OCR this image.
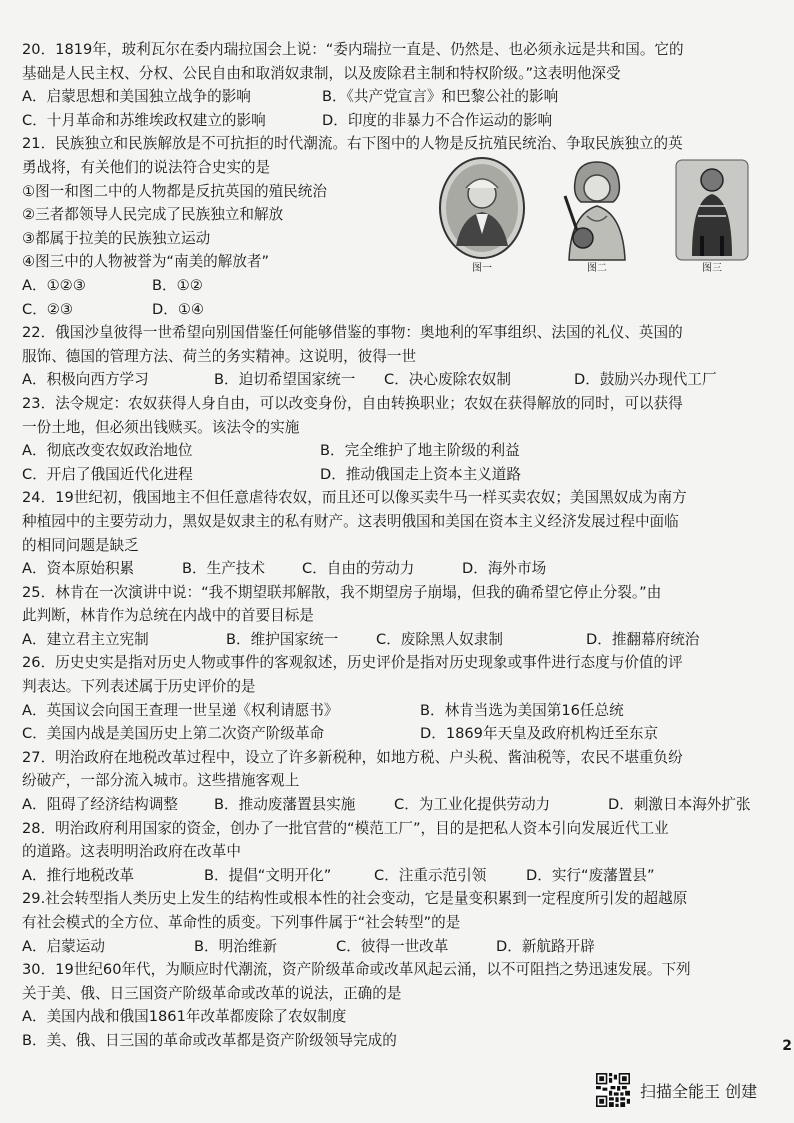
20．1819年，玻利瓦尔在委内瑞拉国会上说：“委内瑞拉一直是、仍然是、也必须永远是共和国。它的
基础是人民主权、分权、公民自由和取消奴隶制，以及废除君主制和特权阶级。”这表明他深受
A．启蒙思想和美国独立战争的影响	B．《共产党宣言》和巴黎公社的影响
C．十月革命和苏维埃政权建立的影响	D．印度的非暴力不合作运动的影响
21．民族独立和民族解放是不可抗拒的时代潮流。右下图中的人物是反抗殖民统治、争取民族独立的英
勇战将，有关他们的说法符合史实的是
①图一和图二中的人物都是反抗英国的殖民统治
②三者都领导人民完成了民族独立和解放
③都属于拉美的民族独立运动
④图三中的人物被誉为“南美的解放者”	图一	图二	图三
A．①②③	B．①②
C．②③	D．①④
22．俄国沙皇彼得一世希望向别国借鉴任何能够借鉴的事物：奥地利的军事组织、法国的礼仪、英国的
服饰、德国的管理方法、荷兰的务实精神。这说明，彼得一世
A．积极向西方学习	B．迫切希望国家统一	C．决心废除农奴制	D．鼓励兴办现代工厂
23．法令规定：农奴获得人身自由，可以改变身份，自由转换职业；农奴在获得解放的同时，可以获得
一份土地，但必须出钱赎买。该法令的实施
A．彻底改变农奴政治地位	B．完全维护了地主阶级的利益
C．开启了俄国近代化进程	D．推动俄国走上资本主义道路
24．19世纪初，俄国地主不但任意虐待农奴，而且还可以像买卖牛马一样买卖农奴；美国黑奴成为南方
种植园中的主要劳动力，黑奴是奴隶主的私有财产。这表明俄国和美国在资本主义经济发展过程中面临
的相同问题是缺乏
A．资本原始积累	B．生产技术	C．自由的劳动力	D．海外市场
25．林肯在一次演讲中说：“我不期望联邦解散，我不期望房子崩塌，但我的确希望它停止分裂。”由
此判断，林肯作为总统在内战中的首要目标是
A．建立君主立宪制	B．维护国家统一	C．废除黑人奴隶制	D．推翻幕府统治
26．历史史实是指对历史人物或事件的客观叙述，历史评价是指对历史现象或事件进行态度与价值的评
判表达。下列表述属于历史评价的是
A．英国议会向国王查理一世呈递《权利请愿书》	B．林肯当选为美国第16任总统
C．美国内战是美国历史上第二次资产阶级革命	D．1869年天皇及政府机构迁至东京
27．明治政府在地税改革过程中，设立了许多新税种，如地方税、户头税、酱油税等，农民不堪重负纷
纷破产，一部分流入城市。这些措施客观上
A．阻碍了经济结构调整	B．推动废藩置县实施	C．为工业化提供劳动力	D．刺激日本海外扩张
28．明治政府利用国家的资金，创办了一批官营的“模范工厂”，目的是把私人资本引向发展近代工业
的道路。这表明明治政府在改革中
A．推行地税改革	B．提倡“文明开化”	C．注重示范引领	D．实行“废藩置县”
29.社会转型指人类历史上发生的结构性或根本性的社会变动，它是量变积累到一定程度所引发的超越原
有社会模式的全方位、革命性的质变。下列事件属于“社会转型”的是
A．启蒙运动	B．明治维新	C．彼得一世改革	D．新航路开辟
30．19世纪60年代，为顺应时代潮流，资产阶级革命或改革风起云涌，以不可阻挡之势迅速发展。下列
关于美、俄、日三国资产阶级革命或改革的说法，正确的是
A．美国内战和俄国1861年改革都废除了农奴制度
B．美、俄、日三国的革命或改革都是资产阶级领导完成的	2
扫描全能王 创建
